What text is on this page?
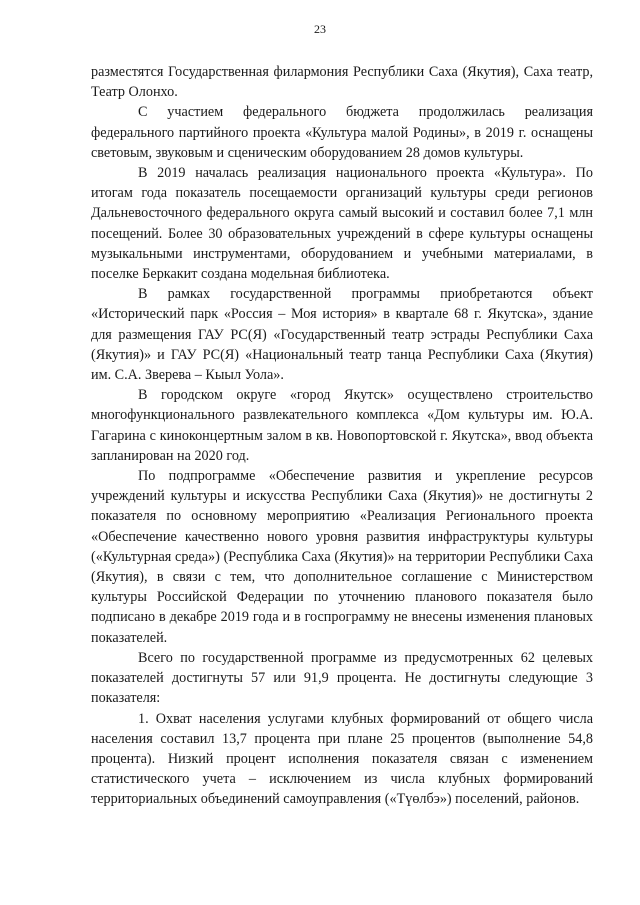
23

разместятся Государственная филармония Республики Саха (Якутия), Саха театр, Театр Олонхо.

С участием федерального бюджета продолжилась реализация федерального партийного проекта «Культура малой Родины», в 2019 г. оснащены световым, звуковым и сценическим оборудованием 28 домов культуры.

В 2019 началась реализация национального проекта «Культура». По итогам года показатель посещаемости организаций культуры среди регионов Дальневосточного федерального округа самый высокий и составил более 7,1 млн посещений. Более 30 образовательных учреждений в сфере культуры оснащены музыкальными инструментами, оборудованием и учебными материалами, в поселке Беркакит создана модельная библиотека.

В рамках государственной программы приобретаются объект «Исторический парк «Россия – Моя история» в квартале 68 г. Якутска», здание для размещения ГАУ РС(Я) «Государственный театр эстрады Республики Саха (Якутия)» и ГАУ РС(Я) «Национальный театр танца Республики Саха (Якутия) им. С.А. Зверева – Кыыл Уола».

В городском округе «город Якутск» осуществлено строительство многофункционального развлекательного комплекса «Дом культуры им. Ю.А. Гагарина с киноконцертным залом в кв. Новопортовской г. Якутска», ввод объекта запланирован на 2020 год.

По подпрограмме «Обеспечение развития и укрепление ресурсов учреждений культуры и искусства Республики Саха (Якутия)» не достигнуты 2 показателя по основному мероприятию «Реализация Регионального проекта «Обеспечение качественно нового уровня развития инфраструктуры культуры («Культурная среда») (Республика Саха (Якутия)» на территории Республики Саха (Якутия), в связи с тем, что дополнительное соглашение с Министерством культуры Российской Федерации по уточнению планового показателя было подписано в декабре 2019 года и в госпрограмму не внесены изменения плановых показателей.

Всего по государственной программе из предусмотренных 62 целевых показателей достигнуты 57 или 91,9 процента. Не достигнуты следующие 3 показателя:

1. Охват населения услугами клубных формирований от общего числа населения составил 13,7 процента при плане 25 процентов (выполнение 54,8 процента). Низкий процент исполнения показателя связан с изменением статистического учета – исключением из числа клубных формирований территориальных объединений самоуправления («Түөлбэ») поселений, районов.
